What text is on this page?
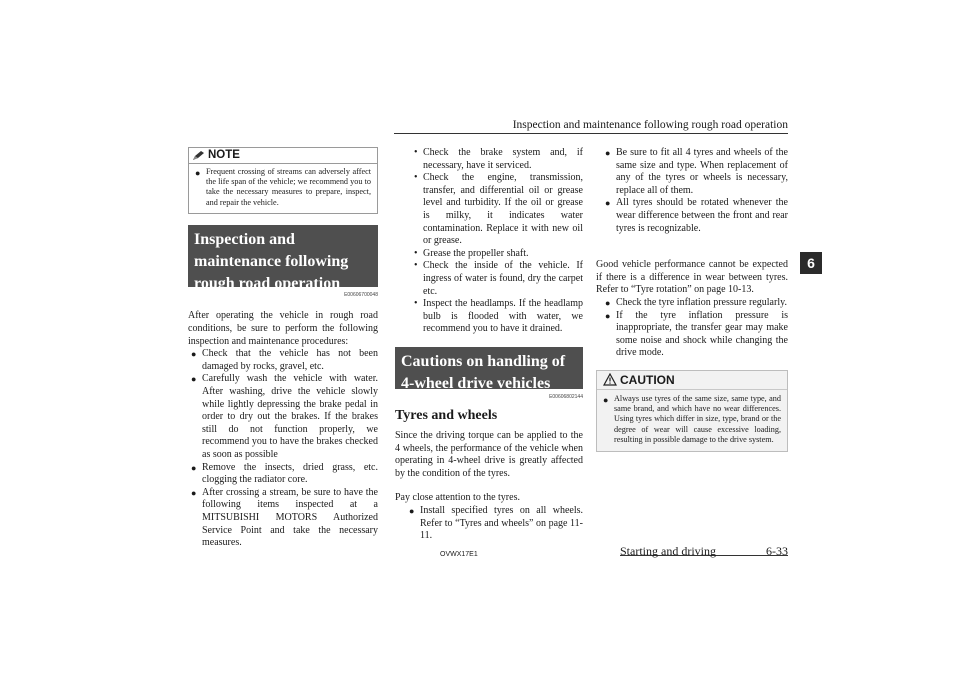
Inspection and maintenance following rough road operation
6
NOTE
● Frequent crossing of streams can adversely affect the life span of the vehicle; we recommend you to take the necessary measures to prepare, inspect, and repair the vehicle.
Inspection and maintenance following rough road operation
E00606700048

After operating the vehicle in rough road conditions, be sure to perform the following inspection and maintenance procedures:

● Check that the vehicle has not been damaged by rocks, gravel, etc.
● Carefully wash the vehicle with water. After washing, drive the vehicle slowly while lightly depressing the brake pedal in order to dry out the brakes. If the brakes still do not function properly, we recommend you to have the brakes checked as soon as possible
● Remove the insects, dried grass, etc. clogging the radiator core.
● After crossing a stream, be sure to have the following items inspected at a MITSUBISHI MOTORS Authorized Service Point and take the necessary measures.
• Check the brake system and, if necessary, have it serviced.
• Check the engine, transmission, transfer, and differential oil or grease level and turbidity. If the oil or grease is milky, it indicates water contamination. Replace it with new oil or grease.
• Grease the propeller shaft.
• Check the inside of the vehicle. If ingress of water is found, dry the carpet etc.
• Inspect the headlamps. If the headlamp bulb is flooded with water, we recommend you to have it drained.
Cautions on handling of 4-wheel drive vehicles
E00606802144
Tyres and wheels

Since the driving torque can be applied to the 4 wheels, the performance of the vehicle when operating in 4-wheel drive is greatly affected by the condition of the tyres.

Pay close attention to the tyres.

● Install specified tyres on all wheels. Refer to “Tyres and wheels” on page 11-11.
● Be sure to fit all 4 tyres and wheels of the same size and type. When replacement of any of the tyres or wheels is necessary, replace all of them.
● All tyres should be rotated whenever the wear difference between the front and rear tyres is recognizable.

Good vehicle performance cannot be expected if there is a difference in wear between tyres. Refer to “Tyre rotation” on page 10-13.

● Check the tyre inflation pressure regularly.
● If the tyre inflation pressure is inappropriate, the transfer gear may make some noise and shock while changing the drive mode.
CAUTION
● Always use tyres of the same size, same type, and same brand, and which have no wear differences. Using tyres which differ in size, type, brand or the degree of wear will cause excessive loading, resulting in possible damage to the drive system.
OVWX17E1	Starting and driving	6-33
